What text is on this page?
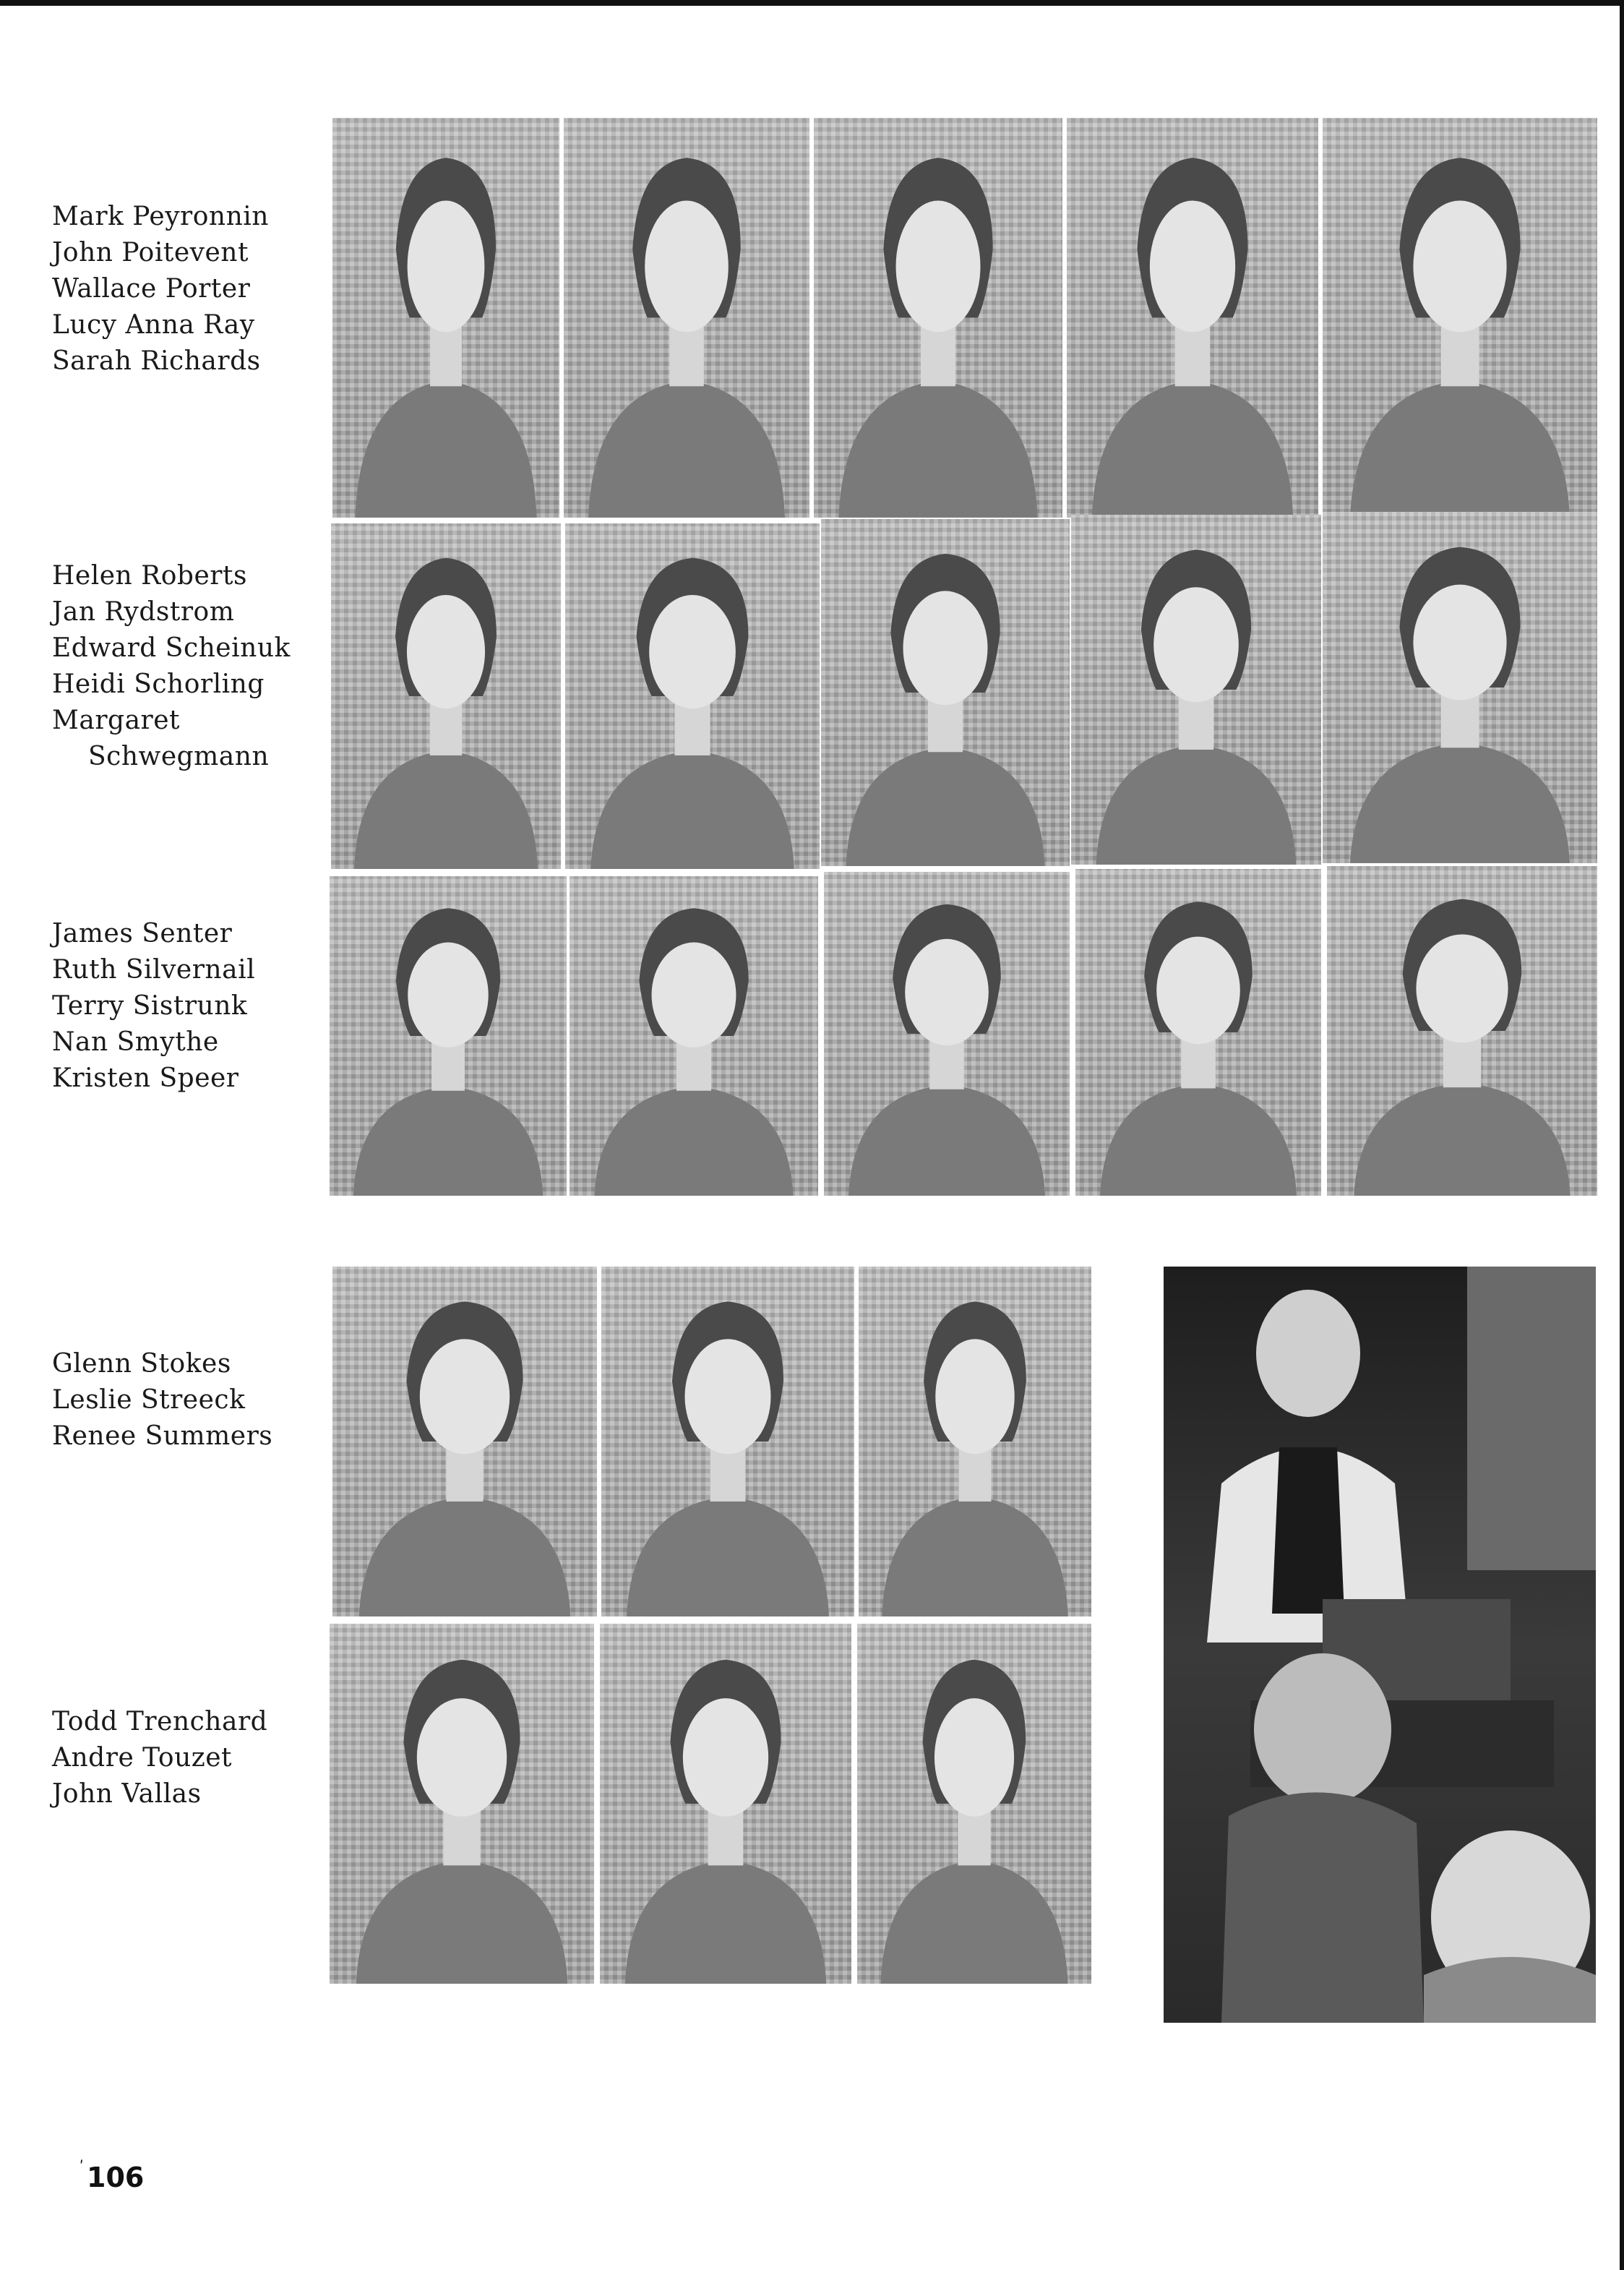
Mark Peyronnin
John Poitevent
Wallace Porter
Lucy Anna Ray
Sarah Richards
Helen Roberts
Jan Rydstrom
Edward Scheinuk
Heidi Schorling
Margaret
Schwegmann
James Senter
Ruth Silvernail
Terry Sistrunk
Nan Smythe
Kristen Speer
Glenn Stokes
Leslie Streeck
Renee Summers
Todd Trenchard
Andre Touzet
John Vallas
ʹ 106
